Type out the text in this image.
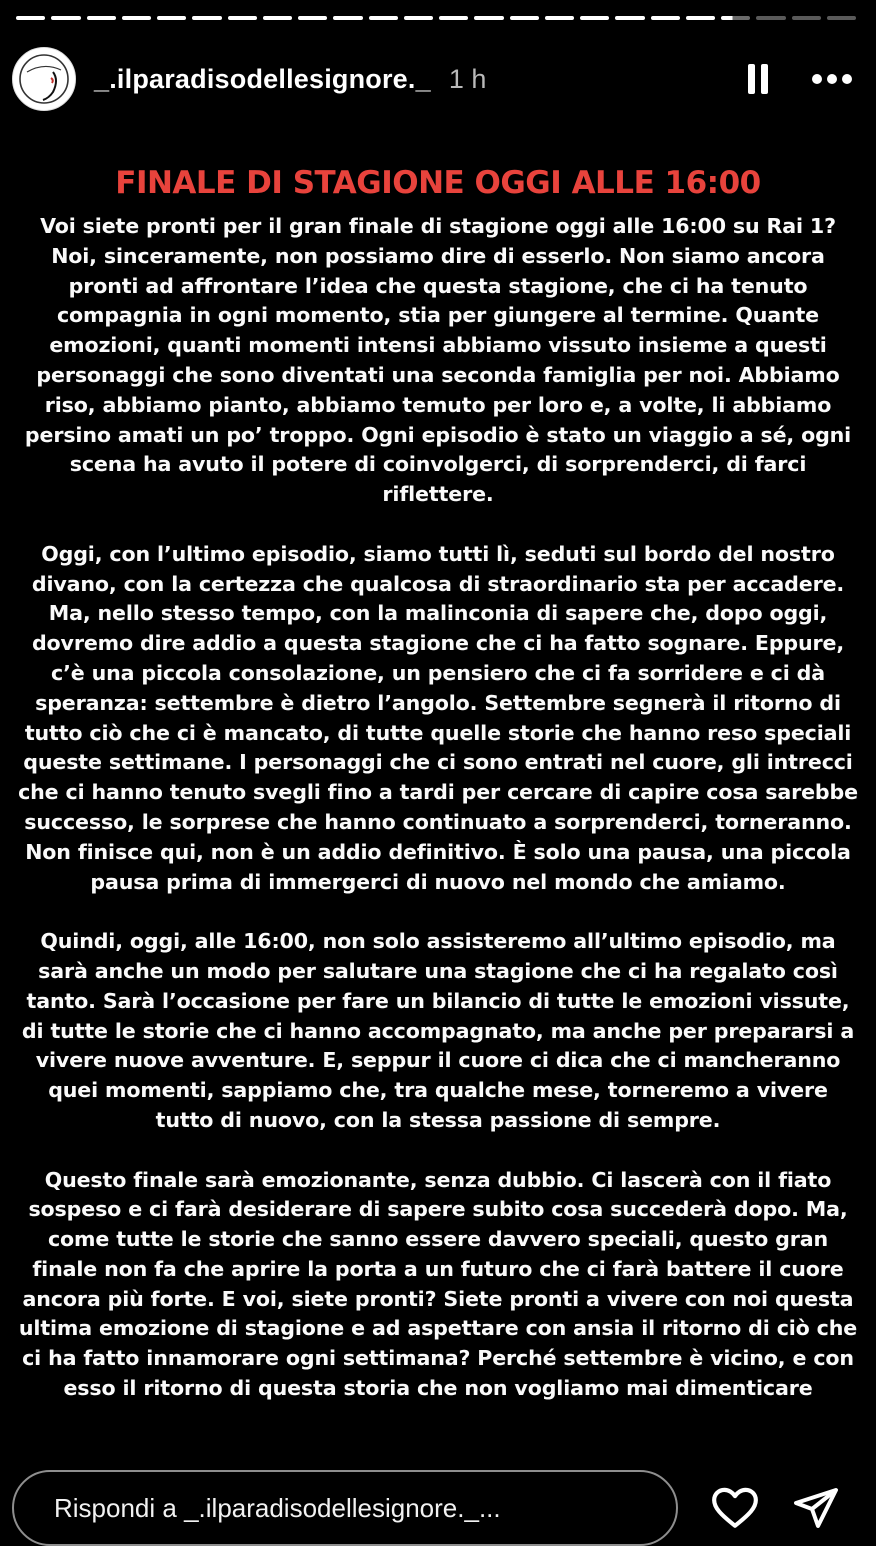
_.ilparadisodellesignore._ 1 h
FINALE DI STAGIONE OGGI ALLE 16:00

Voi siete pronti per il gran finale di stagione oggi alle 16:00 su Rai 1? Noi, sinceramente, non possiamo dire di esserlo. Non siamo ancora pronti ad affrontare l’idea che questa stagione, che ci ha tenuto compagnia in ogni momento, stia per giungere al termine. Quante emozioni, quanti momenti intensi abbiamo vissuto insieme a questi personaggi che sono diventati una seconda famiglia per noi. Abbiamo riso, abbiamo pianto, abbiamo temuto per loro e, a volte, li abbiamo persino amati un po’ troppo. Ogni episodio è stato un viaggio a sé, ogni scena ha avuto il potere di coinvolgerci, di sorprenderci, di farci riflettere.

Oggi, con l’ultimo episodio, siamo tutti lì, seduti sul bordo del nostro divano, con la certezza che qualcosa di straordinario sta per accadere. Ma, nello stesso tempo, con la malinconia di sapere che, dopo oggi, dovremo dire addio a questa stagione che ci ha fatto sognare. Eppure, c’è una piccola consolazione, un pensiero che ci fa sorridere e ci dà speranza: settembre è dietro l’angolo. Settembre segnerà il ritorno di tutto ciò che ci è mancato, di tutte quelle storie che hanno reso speciali queste settimane. I personaggi che ci sono entrati nel cuore, gli intrecci che ci hanno tenuto svegli fino a tardi per cercare di capire cosa sarebbe successo, le sorprese che hanno continuato a sorprenderci, torneranno. Non finisce qui, non è un addio definitivo. È solo una pausa, una piccola pausa prima di immergerci di nuovo nel mondo che amiamo.

Quindi, oggi, alle 16:00, non solo assisteremo all’ultimo episodio, ma sarà anche un modo per salutare una stagione che ci ha regalato così tanto. Sarà l’occasione per fare un bilancio di tutte le emozioni vissute, di tutte le storie che ci hanno accompagnato, ma anche per prepararsi a vivere nuove avventure. E, seppur il cuore ci dica che ci mancheranno quei momenti, sappiamo che, tra qualche mese, torneremo a vivere tutto di nuovo, con la stessa passione di sempre.

Questo finale sarà emozionante, senza dubbio. Ci lascerà con il fiato sospeso e ci farà desiderare di sapere subito cosa succederà dopo. Ma, come tutte le storie che sanno essere davvero speciali, questo gran finale non fa che aprire la porta a un futuro che ci farà battere il cuore ancora più forte. E voi, siete pronti? Siete pronti a vivere con noi questa ultima emozione di stagione e ad aspettare con ansia il ritorno di ciò che ci ha fatto innamorare ogni settimana? Perché settembre è vicino, e con esso il ritorno di questa storia che non vogliamo mai dimenticare

Rispondi a _.ilparadisodellesignore._...
